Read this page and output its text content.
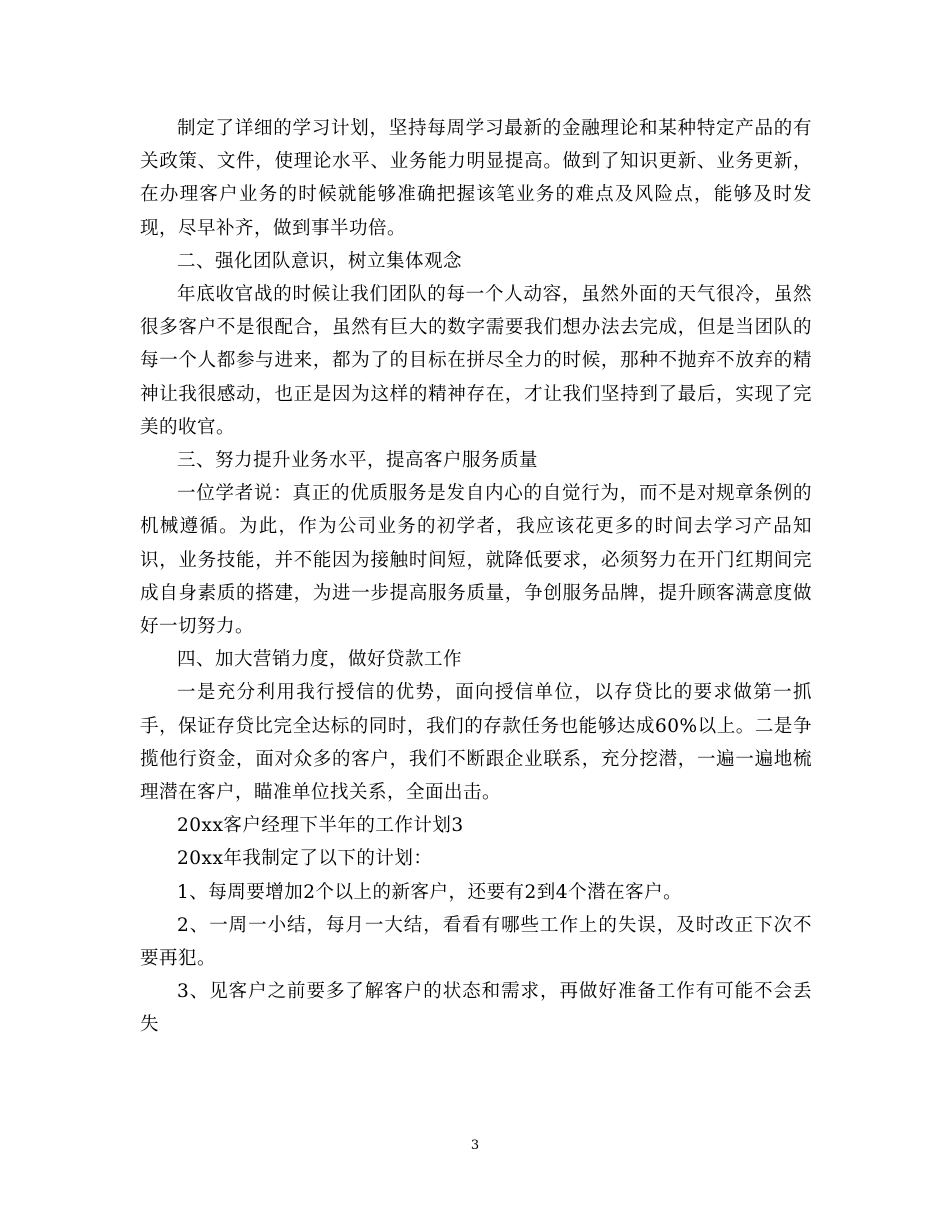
制定了详细的学习计划，坚持每周学习最新的金融理论和某种特定产品的有关政策、文件，使理论水平、业务能力明显提高。做到了知识更新、业务更新，在办理客户业务的时候就能够准确把握该笔业务的难点及风险点，能够及时发现，尽早补齐，做到事半功倍。

二、强化团队意识，树立集体观念

年底收官战的时候让我们团队的每一个人动容，虽然外面的天气很冷，虽然很多客户不是很配合，虽然有巨大的数字需要我们想办法去完成，但是当团队的每一个人都参与进来，都为了的目标在拼尽全力的时候，那种不抛弃不放弃的精神让我很感动，也正是因为这样的精神存在，才让我们坚持到了最后，实现了完美的收官。

三、努力提升业务水平，提高客户服务质量

一位学者说：真正的优质服务是发自内心的自觉行为，而不是对规章条例的机械遵循。为此，作为公司业务的初学者，我应该花更多的时间去学习产品知识，业务技能，并不能因为接触时间短，就降低要求，必须努力在开门红期间完成自身素质的搭建，为进一步提高服务质量，争创服务品牌，提升顾客满意度做好一切努力。

四、加大营销力度，做好贷款工作

一是充分利用我行授信的优势，面向授信单位，以存贷比的要求做第一抓手，保证存贷比完全达标的同时，我们的存款任务也能够达成60%以上。二是争揽他行资金，面对众多的客户，我们不断跟企业联系，充分挖潜，一遍一遍地梳理潜在客户，瞄准单位找关系，全面出击。

20xx客户经理下半年的工作计划3

20xx年我制定了以下的计划：

1、每周要增加2个以上的新客户，还要有2到4个潜在客户。

2、一周一小结，每月一大结，看看有哪些工作上的失误，及时改正下次不要再犯。

3、见客户之前要多了解客户的状态和需求，再做好准备工作有可能不会丢失

3
